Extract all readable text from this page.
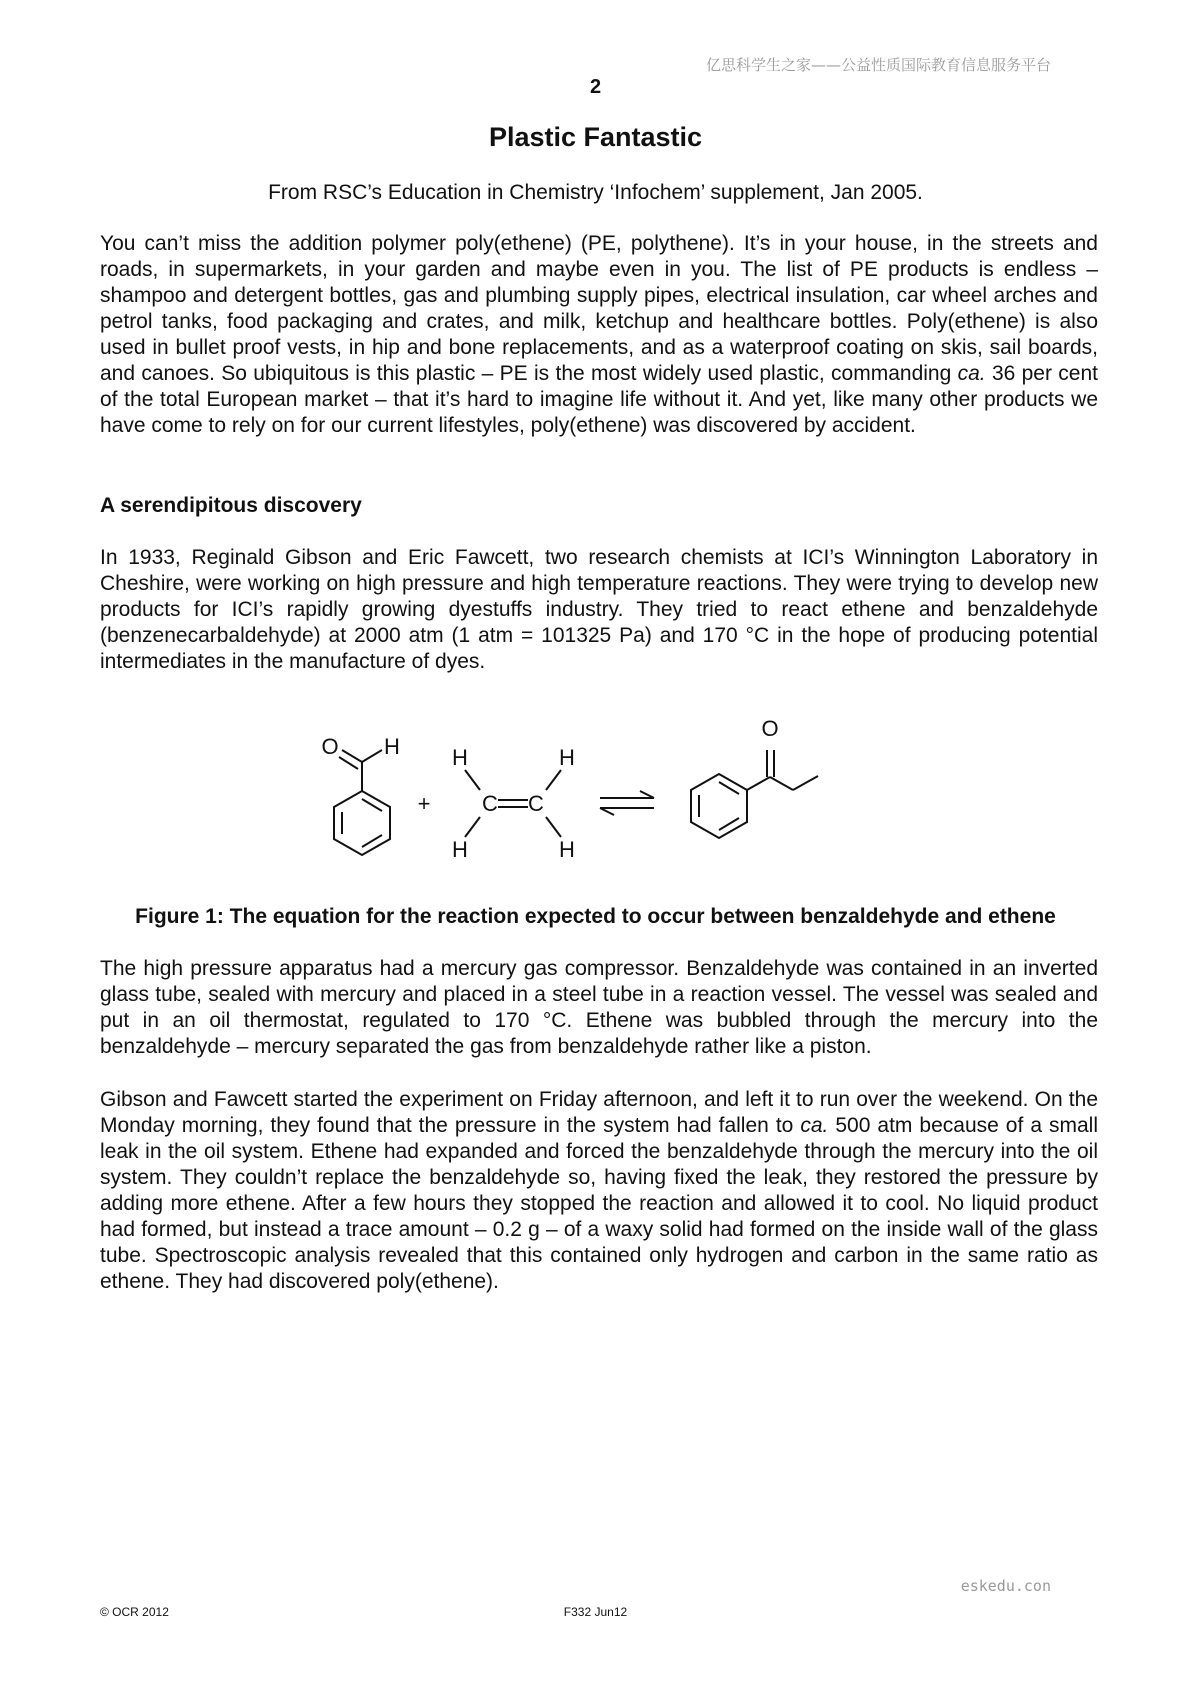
亿思科学生之家——公益性质国际教育信息服务平台
2
Plastic Fantastic
From RSC’s Education in Chemistry ‘Infochem’ supplement, Jan 2005.

You can’t miss the addition polymer poly(ethene) (PE, polythene). It’s in your house, in the streets and roads, in supermarkets, in your garden and maybe even in you. The list of PE products is endless – shampoo and detergent bottles, gas and plumbing supply pipes, electrical insulation, car wheel arches and petrol tanks, food packaging and crates, and milk, ketchup and healthcare bottles. Poly(ethene) is also used in bullet proof vests, in hip and bone replacements, and as a waterproof coating on skis, sail boards, and canoes. So ubiquitous is this plastic – PE is the most widely used plastic, commanding ca. 36 per cent of the total European market – that it’s hard to imagine life without it. And yet, like many other products we have come to rely on for our current lifestyles, poly(ethene) was discovered by accident.

A serendipitous discovery

In 1933, Reginald Gibson and Eric Fawcett, two research chemists at ICI’s Winnington Laboratory in Cheshire, were working on high pressure and high temperature reactions. They were trying to develop new products for ICI’s rapidly growing dyestuffs industry. They tried to react ethene and benzaldehyde (benzenecarbaldehyde) at 2000 atm (1 atm = 101325 Pa) and 170 °C in the hope of producing potential intermediates in the manufacture of dyes.

O H
+ C C
H
H
H
H
O
Figure 1: The equation for the reaction expected to occur between benzaldehyde and ethene

The high pressure apparatus had a mercury gas compressor. Benzaldehyde was contained in an inverted glass tube, sealed with mercury and placed in a steel tube in a reaction vessel. The vessel was sealed and put in an oil thermostat, regulated to 170 °C. Ethene was bubbled through the mercury into the benzaldehyde – mercury separated the gas from benzaldehyde rather like a piston.

Gibson and Fawcett started the experiment on Friday afternoon, and left it to run over the weekend. On the Monday morning, they found that the pressure in the system had fallen to ca. 500 atm because of a small leak in the oil system. Ethene had expanded and forced the benzaldehyde through the mercury into the oil system. They couldn’t replace the benzaldehyde so, having fixed the leak, they restored the pressure by adding more ethene. After a few hours they stopped the reaction and allowed it to cool. No liquid product had formed, but instead a trace amount – 0.2 g – of a waxy solid had formed on the inside wall of the glass tube. Spectroscopic analysis revealed that this contained only hydrogen and carbon in the same ratio as ethene. They had discovered poly(ethene).

eskedu.con
© OCR 2012	F332 Jun12
